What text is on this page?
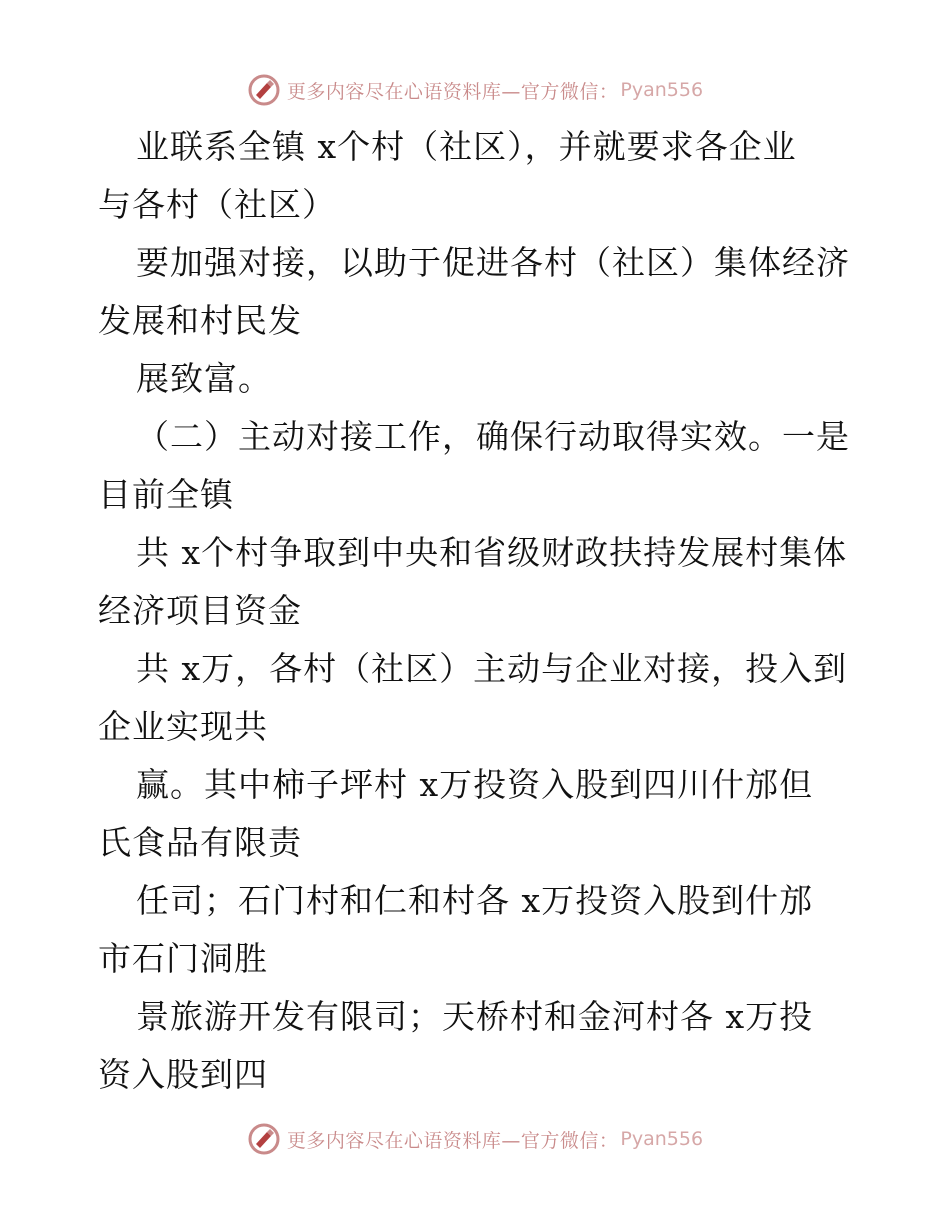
更多内容尽在心语资料库—官方微信： Pyan556
业联系全镇 x个村（社区），并就要求各企业
与各村（社区）
要加强对接，以助于促进各村（社区）集体经济
发展和村民发
展致富。
（二）主动对接工作，确保行动取得实效。一是
目前全镇
共 x个村争取到中央和省级财政扶持发展村集体
经济项目资金
共 x万，各村（社区）主动与企业对接，投入到
企业实现共
赢。其中柿子坪村 x万投资入股到四川什邡但
氏食品有限责
任司；石门村和仁和村各 x万投资入股到什邡
市石门洞胜
景旅游开发有限司；天桥村和金河村各 x万投
资入股到四
更多内容尽在心语资料库—官方微信： Pyan556
